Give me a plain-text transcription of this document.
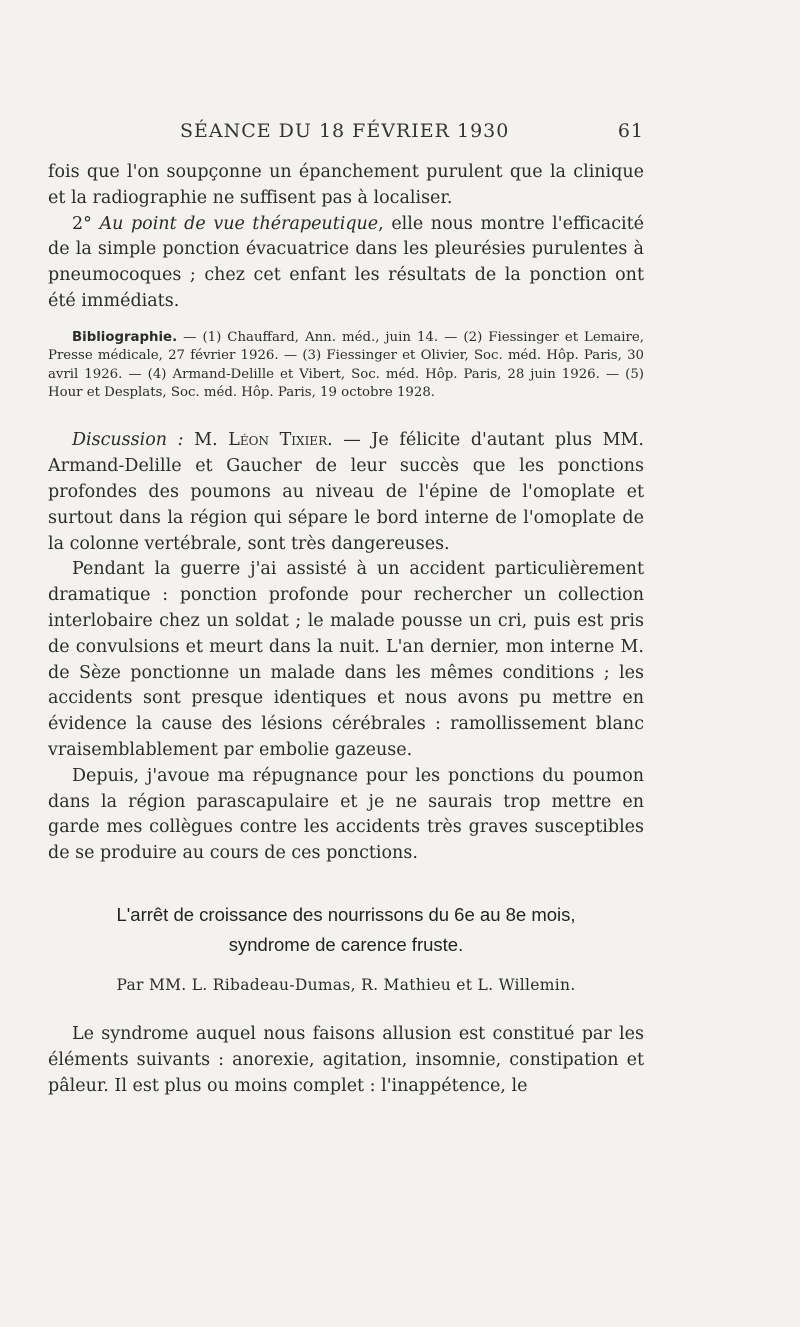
SÉANCE DU 18 FÉVRIER 1930	61

fois que l'on soupçonne un épanchement purulent que la clinique et la radiographie ne suffisent pas à localiser.

2° Au point de vue thérapeutique, elle nous montre l'efficacité de la simple ponction évacuatrice dans les pleurésies purulentes à pneumocoques ; chez cet enfant les résultats de la ponction ont été immédiats.

Bibliographie. — (1) Chauffard, Ann. méd., juin 14. — (2) Fiessinger et Lemaire, Presse médicale, 27 février 1926. — (3) Fiessinger et Olivier, Soc. méd. Hôp. Paris, 30 avril 1926. — (4) Armand-Delille et Vibert, Soc. méd. Hôp. Paris, 28 juin 1926. — (5) Hour et Desplats, Soc. méd. Hôp. Paris, 19 octobre 1928.

Discussion : M. Léon Tixier. — Je félicite d'autant plus MM. Armand-Delille et Gaucher de leur succès que les ponctions profondes des poumons au niveau de l'épine de l'omoplate et surtout dans la région qui sépare le bord interne de l'omoplate de la colonne vertébrale, sont très dangereuses.

Pendant la guerre j'ai assisté à un accident particulièrement dramatique : ponction profonde pour rechercher un collection interlobaire chez un soldat ; le malade pousse un cri, puis est pris de convulsions et meurt dans la nuit. L'an dernier, mon interne M. de Sèze ponctionne un malade dans les mêmes conditions ; les accidents sont presque identiques et nous avons pu mettre en évidence la cause des lésions cérébrales : ramollissement blanc vraisemblablement par embolie gazeuse.

Depuis, j'avoue ma répugnance pour les ponctions du poumon dans la région parascapulaire et je ne saurais trop mettre en garde mes collègues contre les accidents très graves susceptibles de se produire au cours de ces ponctions.

L'arrêt de croissance des nourrissons du 6e au 8e mois,
syndrome de carence fruste.

Par MM. L. Ribadeau-Dumas, R. Mathieu et L. Willemin.

Le syndrome auquel nous faisons allusion est constitué par les éléments suivants : anorexie, agitation, insomnie, constipation et pâleur. Il est plus ou moins complet : l'inappétence, le
